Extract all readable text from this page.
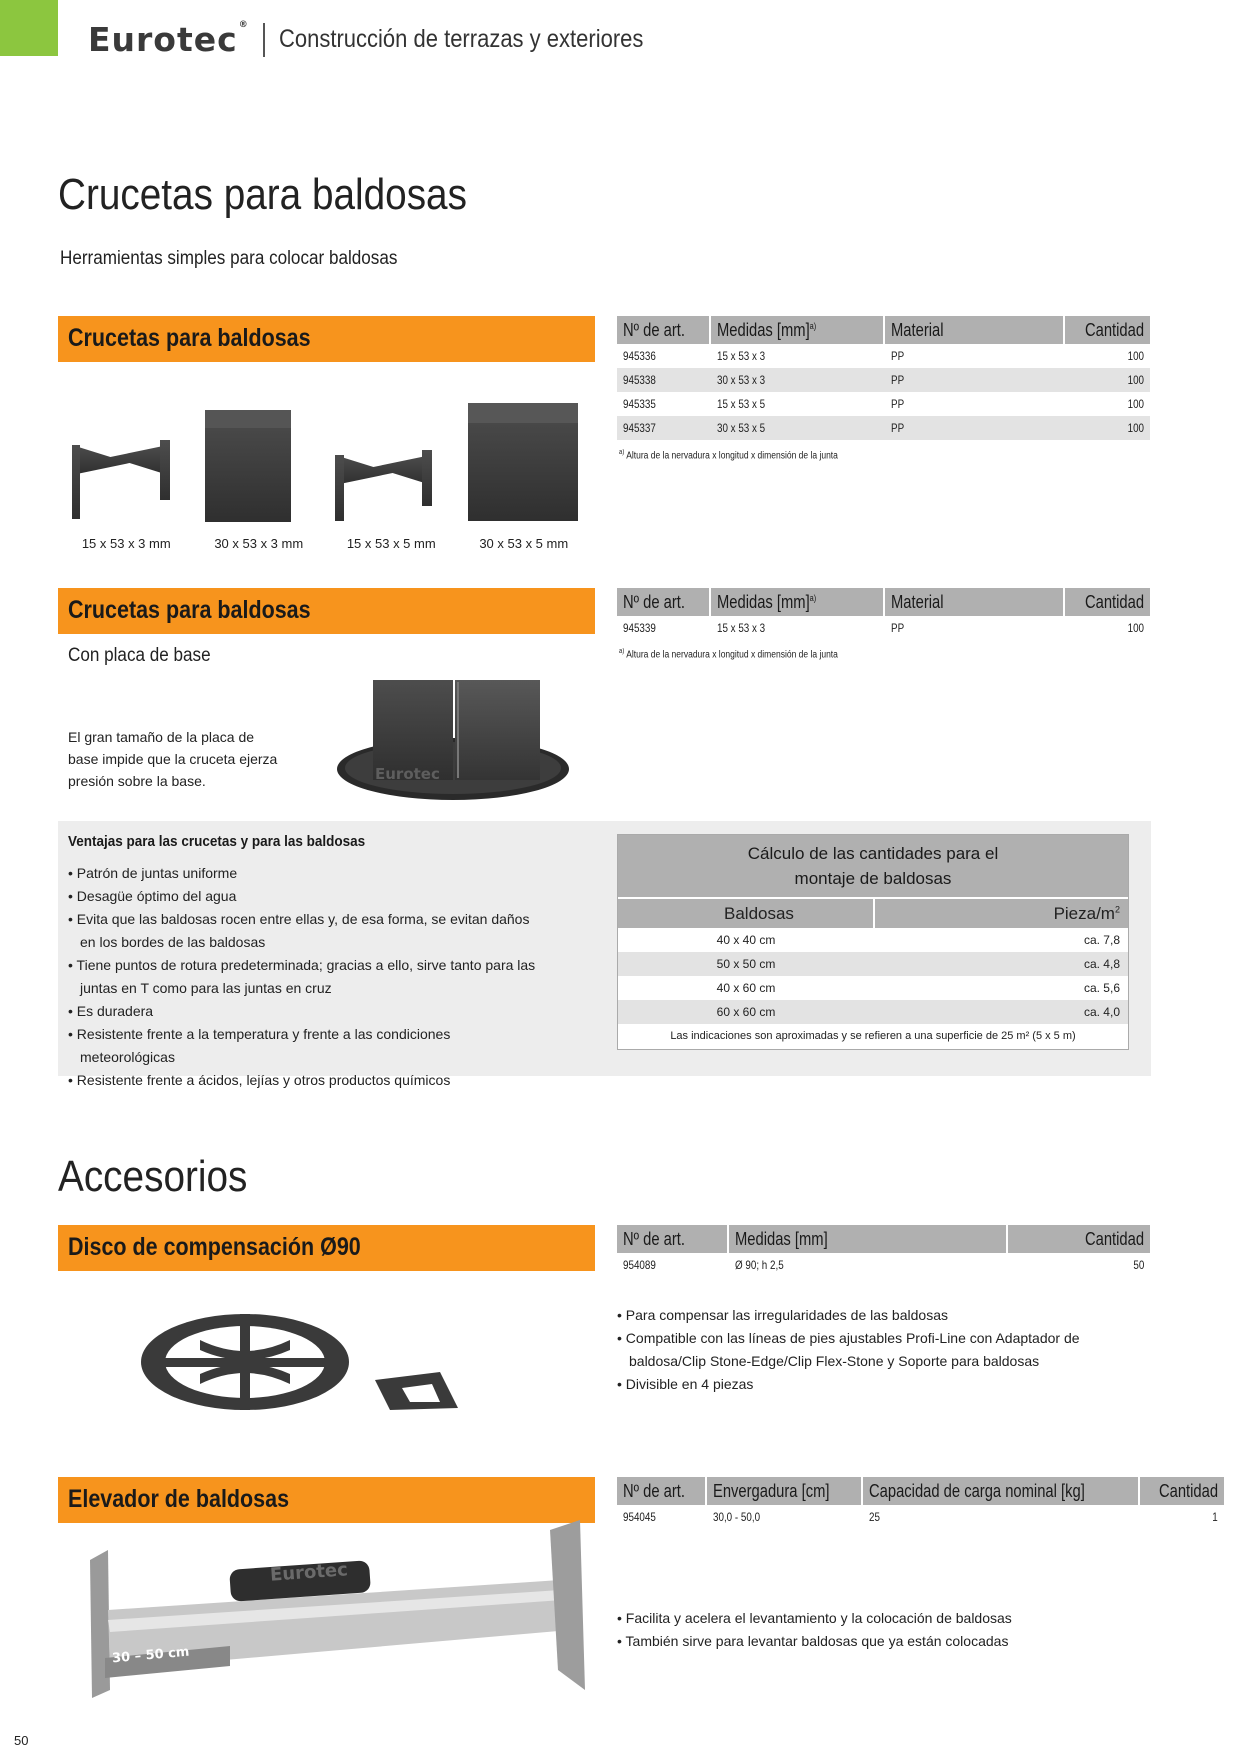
Eurotec® Construcción de terrazas y exteriores
Crucetas para baldosas
Herramientas simples para colocar baldosas
Crucetas para baldosas
15 x 53 x 3 mm	30 x 53 x 3 mm	15 x 53 x 5 mm	30 x 53 x 5 mm
Nº de art.	Medidas [mm]$^{a)}$	Material	Cantidad
945336	15 x 53 x 3	PP	100
945338	30 x 53 x 3	PP	100
945335	15 x 53 x 5	PP	100
945337	30 x 53 x 5	PP	100
$^{a)}$ Altura de la nervadura x longitud x dimensión de la junta
Crucetas para baldosas
Con placa de base
El gran tamaño de la placa de base impide que la cruceta ejerza presión sobre la base.	Eurotec
Nº de art.	Medidas [mm]$^{a)}$	Material	Cantidad
945339	15 x 53 x 3	PP	100
$^{a)}$ Altura de la nervadura x longitud x dimensión de la junta
Ventajas para las crucetas y para las baldosas
• Patrón de juntas uniforme
• Desagüe óptimo del agua
• Evita que las baldosas rocen entre ellas y, de esa forma, se evitan daños en los bordes de las baldosas
• Tiene puntos de rotura predeterminada; gracias a ello, sirve tanto para las juntas en T como para las juntas en cruz
• Es duradera
• Resistente frente a la temperatura y frente a las condiciones meteorológicas
• Resistente frente a ácidos, lejías y otros productos químicos
Cálculo de las cantidades para el
montaje de baldosas
Baldosas	Pieza/$m^2$
40 x 40 cm	ca. 7,8
50 x 50 cm	ca. 4,8
40 x 60 cm	ca. 5,6
60 x 60 cm	ca. 4,0
Las indicaciones son aproximadas y se refieren a una superficie de 25 m² (5 x 5 m)
Accesorios
Disco de compensación Ø90	Nº de art.	Medidas [mm]	Cantidad
954089	Ø 90; h 2,5	50
• Para compensar las irregularidades de las baldosas
• Compatible con las líneas de pies ajustables Profi-Line con Adaptador de baldosa/Clip Stone-Edge/Clip Flex-Stone y Soporte para baldosas
• Divisible en 4 piezas
Elevador de baldosas
Eurotec
30 – 50 cm
Nº de art.	Envergadura [cm]	Capacidad de carga nominal [kg]	Cantidad
954045	30,0 - 50,0	25	1
• Facilita y acelera el levantamiento y la colocación de baldosas
• También sirve para levantar baldosas que ya están colocadas
50
